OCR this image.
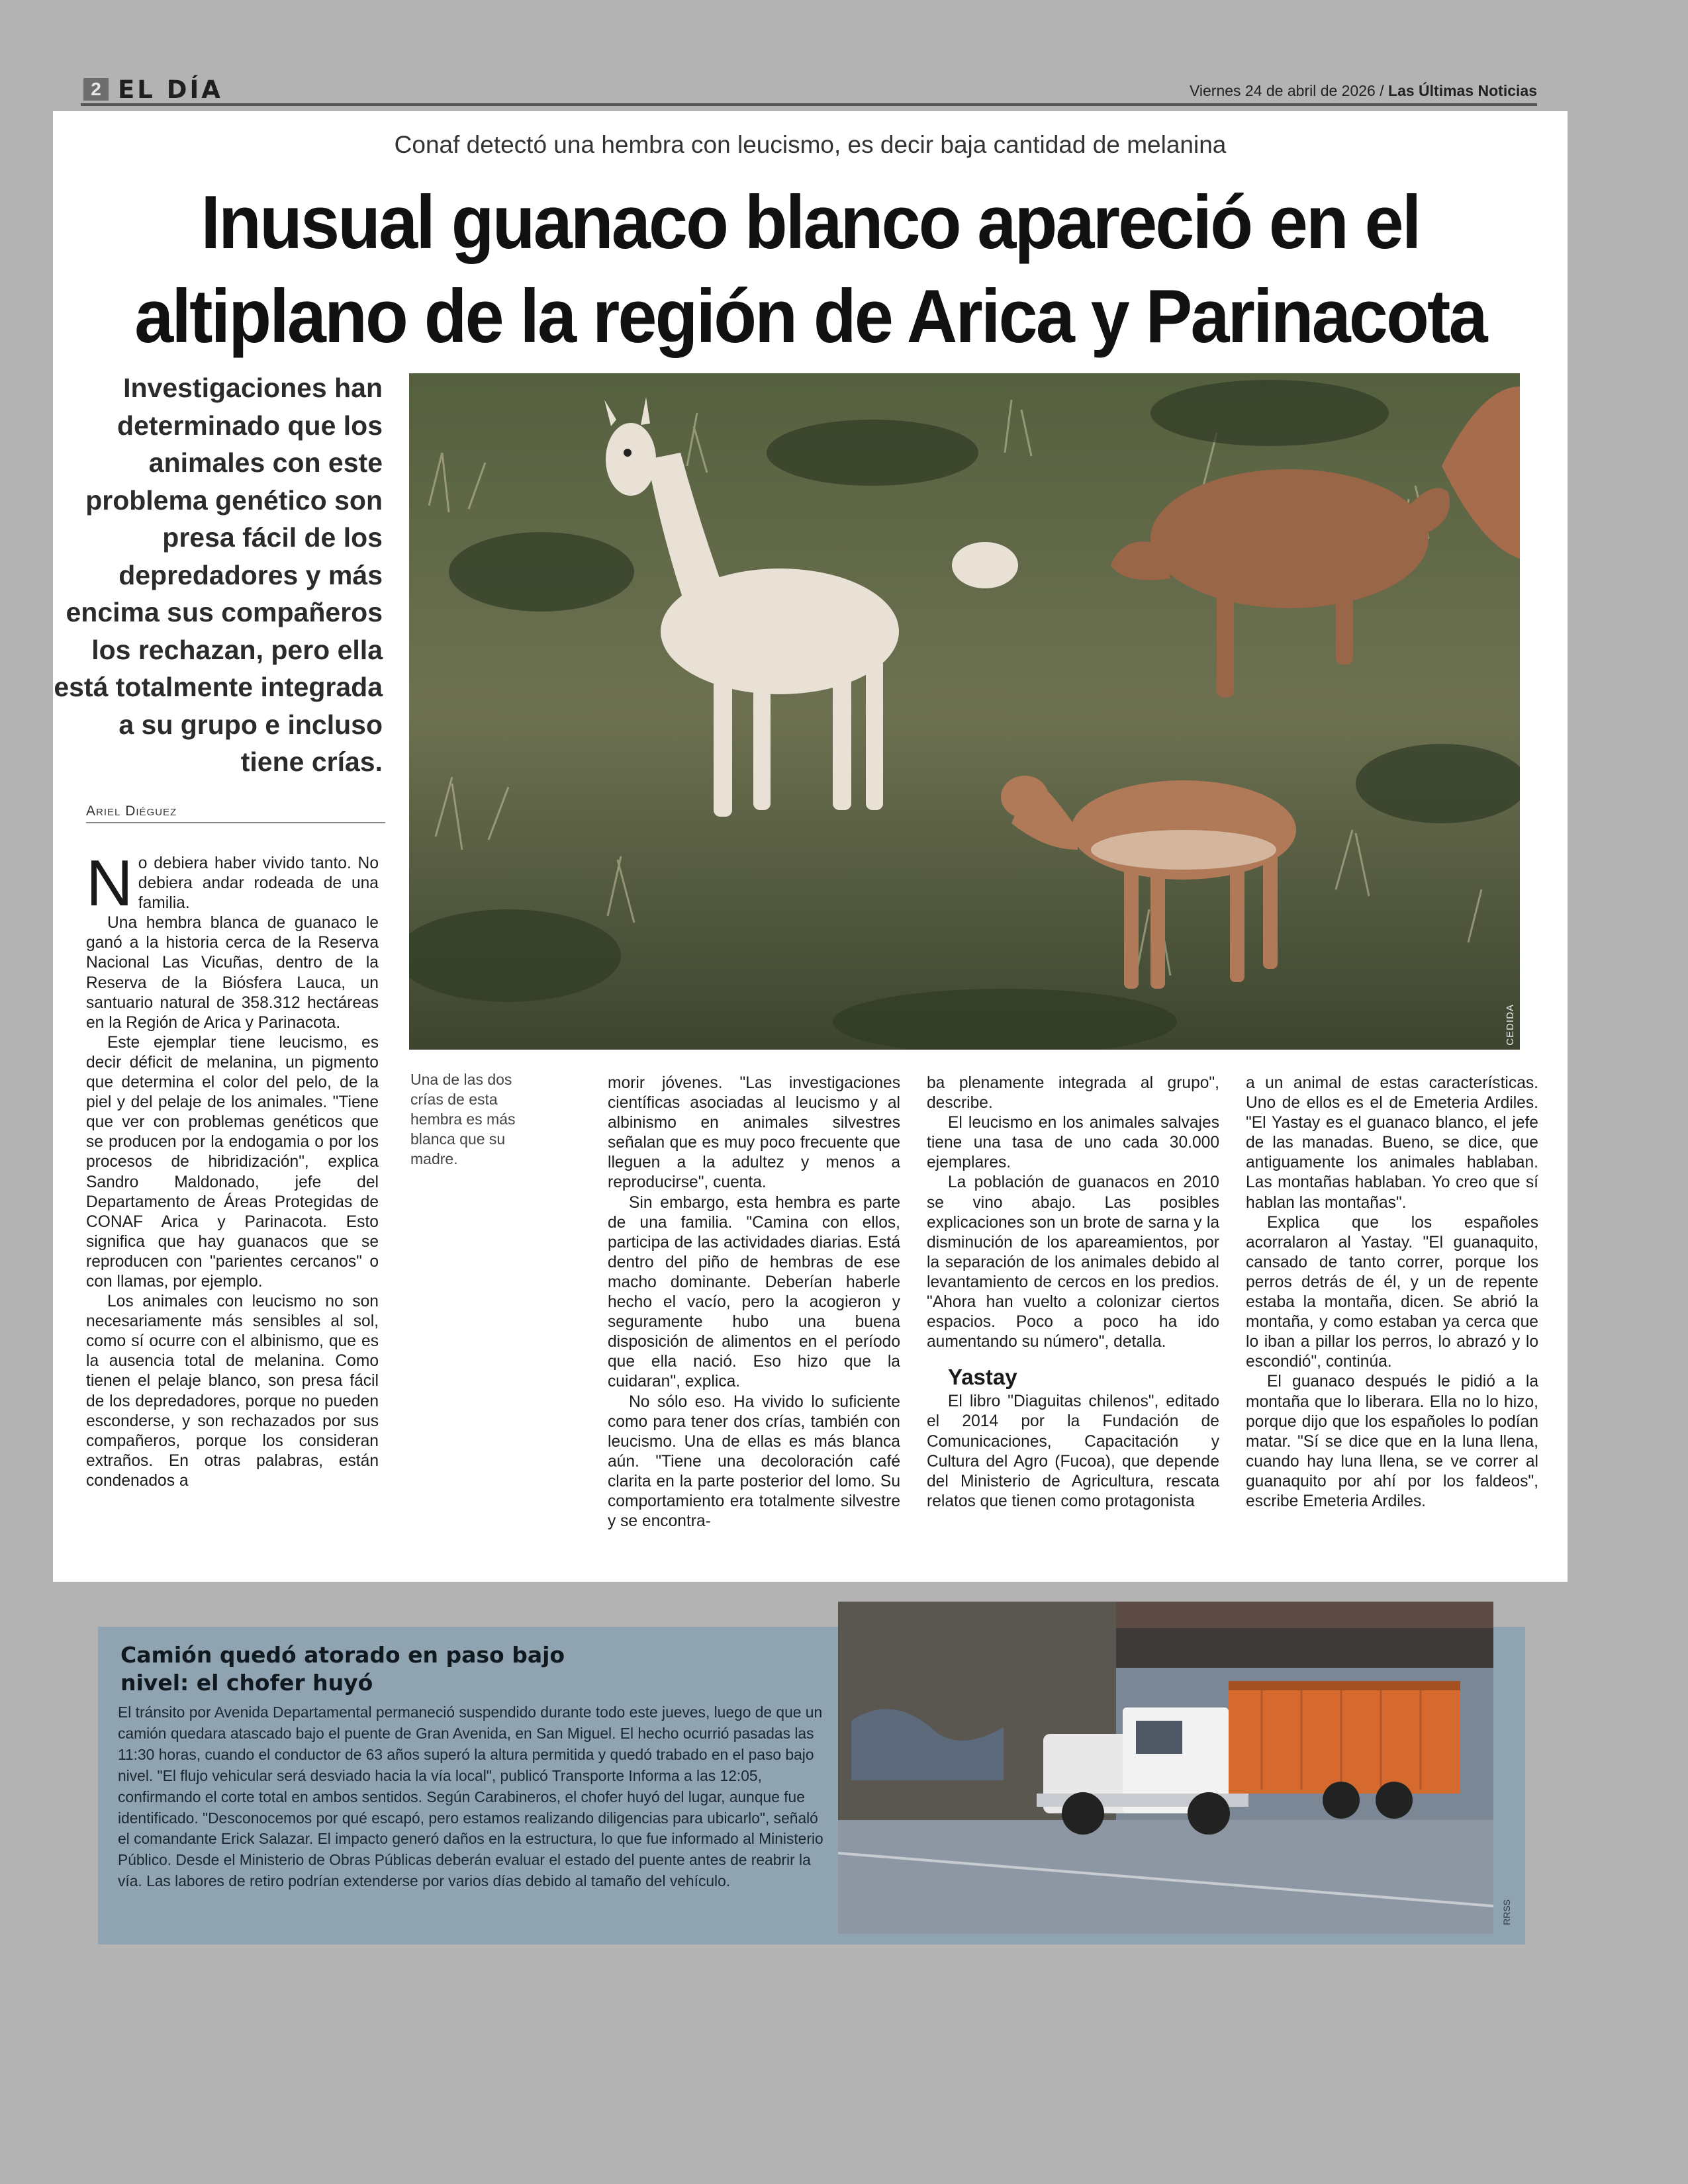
2 EL DÍA	Viernes 24 de abril de 2026 / Las Últimas Noticias
Conaf detectó una hembra con leucismo, es decir baja cantidad de melanina
Inusual guanaco blanco apareció en el
altiplano de la región de Arica y Parinacota
Investigaciones han determinado que los animales con este problema genético son presa fácil de los depredadores y más encima sus compañeros los rechazan, pero ella está totalmente integrada a su grupo e incluso tiene crías.
Ariel Diéguez
CEDIDA
Una de las dos crías de esta hembra es más blanca que su madre.

No debiera haber vivido tanto. No debiera andar rodeada de una familia.

Una hembra blanca de guanaco le ganó a la historia cerca de la Reserva Nacional Las Vicuñas, dentro de la Reserva de la Biósfera Lauca, un santuario natural de 358.312 hectáreas en la Región de Arica y Parinacota.

Este ejemplar tiene leucismo, es decir déficit de melanina, un pigmento que determina el color del pelo, de la piel y del pelaje de los animales. "Tiene que ver con problemas genéticos que se producen por la endogamia o por los procesos de hibridización", explica Sandro Maldonado, jefe del Departamento de Áreas Protegidas de CONAF Arica y Parinacota. Esto significa que hay guanacos que se reproducen con "parientes cercanos" o con llamas, por ejemplo.

Los animales con leucismo no son necesariamente más sensibles al sol, como sí ocurre con el albinismo, que es la ausencia total de melanina. Como tienen el pelaje blanco, son presa fácil de los depredadores, porque no pueden esconderse, y son rechazados por sus compañeros, porque los consideran extraños. En otras palabras, están condenados a

morir jóvenes. "Las investigaciones científicas asociadas al leucismo y al albinismo en animales silvestres señalan que es muy poco frecuente que lleguen a la adultez y menos a reproducirse", cuenta.

Sin embargo, esta hembra es parte de una familia. "Camina con ellos, participa de las actividades diarias. Está dentro del piño de hembras de ese macho dominante. Deberían haberle hecho el vacío, pero la acogieron y seguramente hubo una buena disposición de alimentos en el período que ella nació. Eso hizo que la cuidaran", explica.

No sólo eso. Ha vivido lo suficiente como para tener dos crías, también con leucismo. Una de ellas es más blanca aún. "Tiene una decoloración café clarita en la parte posterior del lomo. Su comportamiento era totalmente silvestre y se encontra-

ba plenamente integrada al grupo", describe.

El leucismo en los animales salvajes tiene una tasa de uno cada 30.000 ejemplares.

La población de guanacos en 2010 se vino abajo. Las posibles explicaciones son un brote de sarna y la disminución de los apareamientos, por la separación de los animales debido al levantamiento de cercos en los predios. "Ahora han vuelto a colonizar ciertos espacios. Poco a poco ha ido aumentando su número", detalla.

Yastay

El libro "Diaguitas chilenos", editado el 2014 por la Fundación de Comunicaciones, Capacitación y Cultura del Agro (Fucoa), que depende del Ministerio de Agricultura, rescata relatos que tienen como protagonista

a un animal de estas características. Uno de ellos es el de Emeteria Ardiles. "El Yastay es el guanaco blanco, el jefe de las manadas. Bueno, se dice, que antiguamente los animales hablaban. Las montañas hablaban. Yo creo que sí hablan las montañas".

Explica que los españoles acorralaron al Yastay. "El guanaquito, cansado de tanto correr, porque los perros detrás de él, y un de repente estaba la montaña, dicen. Se abrió la montaña, y como estaban ya cerca que lo iban a pillar los perros, lo abrazó y lo escondió", continúa.

El guanaco después le pidió a la montaña que lo liberara. Ella no lo hizo, porque dijo que los españoles lo podían matar. "Sí se dice que en la luna llena, cuando hay luna llena, se ve correr al guanaquito por ahí por los faldeos", escribe Emeteria Ardiles.

Camión quedó atorado en paso bajo nivel: el chofer huyó
El tránsito por Avenida Departamental permaneció suspendido durante todo este jueves, luego de que un camión quedara atascado bajo el puente de Gran Avenida, en San Miguel. El hecho ocurrió pasadas las 11:30 horas, cuando el conductor de 63 años superó la altura permitida y quedó trabado en el paso bajo nivel. "El flujo vehicular será desviado hacia la vía local", publicó Transporte Informa a las 12:05, confirmando el corte total en ambos sentidos. Según Carabineros, el chofer huyó del lugar, aunque fue identificado. "Desconocemos por qué escapó, pero estamos realizando diligencias para ubicarlo", señaló el comandante Erick Salazar. El impacto generó daños en la estructura, lo que fue informado al Ministerio Público. Desde el Ministerio de Obras Públicas deberán evaluar el estado del puente antes de reabrir la vía. Las labores de retiro podrían extenderse por varios días debido al tamaño del vehículo.
RRSS
